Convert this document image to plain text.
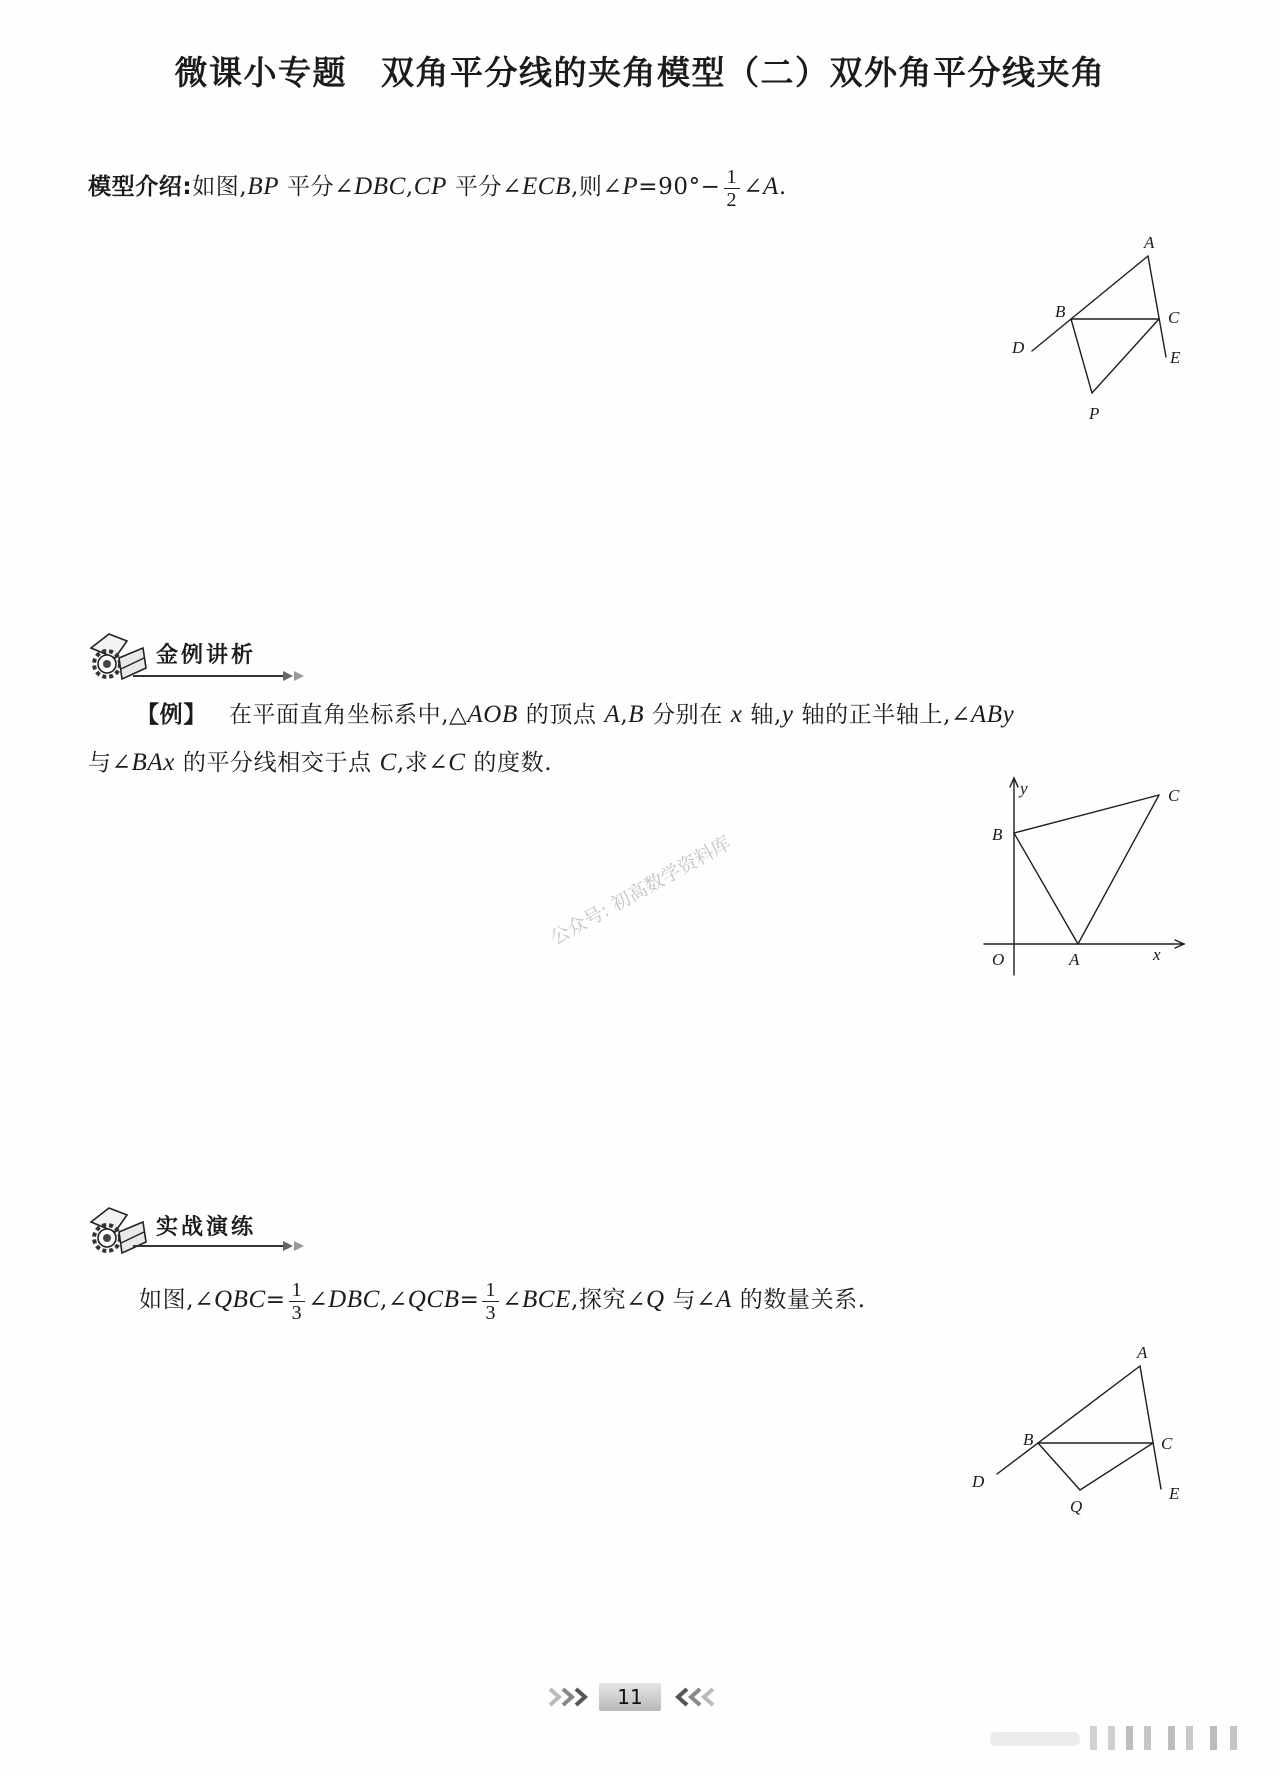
微课小专题 双角平分线的夹角模型（二）双外角平分线夹角
模型介绍:如图,BP 平分∠DBC,CP 平分∠ECB,则∠P=90°− $\frac{1}{2}$ ∠A.
A
B	C
D
E
P
金例讲析
【例】 在平面直角坐标系中,△AOB 的顶点 A,B 分别在 x 轴,y 轴的正半轴上,∠ABy
与∠BAx 的平分线相交于点 C,求∠C 的度数.
y
B
C
O	A	x
公众号: 初高数学资料库
实战演练
如图,∠QBC= $\frac{1}{3}$ ∠DBC,∠QCB= $\frac{1}{3}$ ∠BCE,探究∠Q 与∠A 的数量关系.
A
B	C
D
E
Q
11
